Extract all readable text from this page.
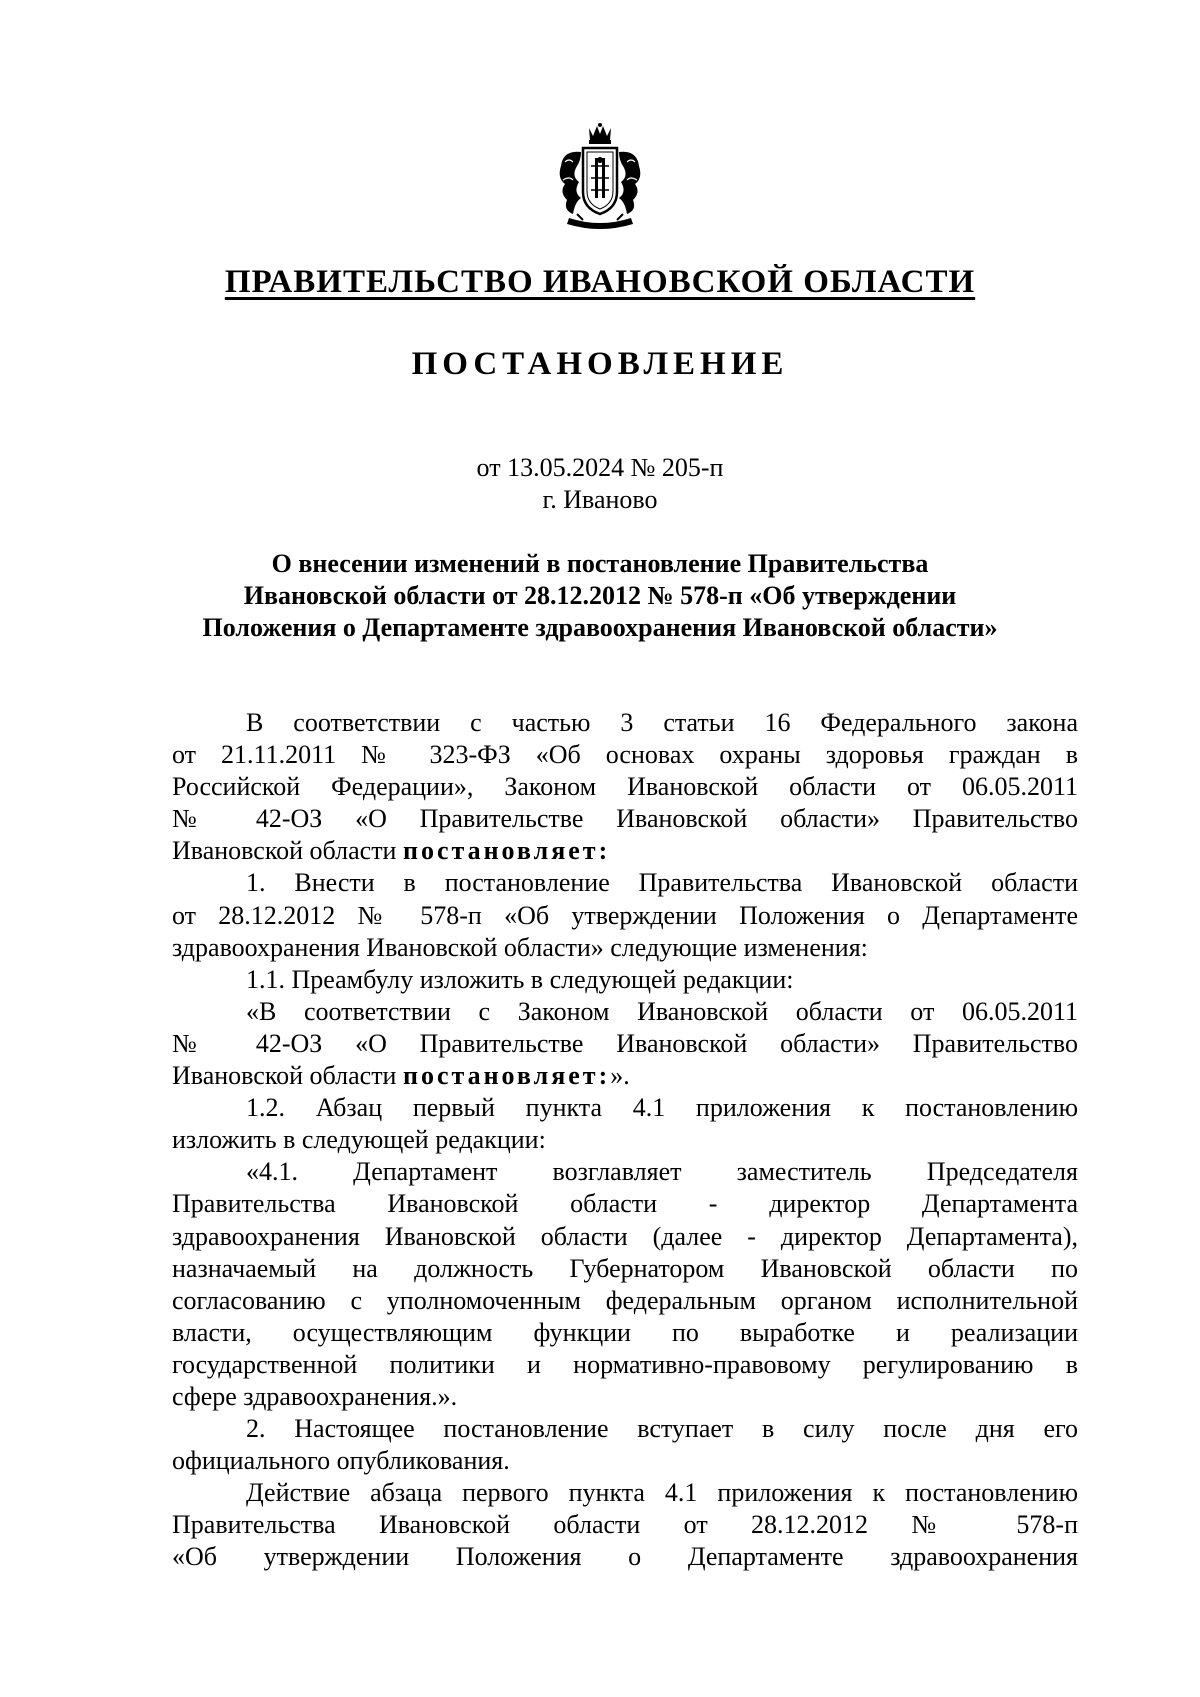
ПРАВИТЕЛЬСТВО ИВАНОВСКОЙ ОБЛАСТИ
ПОСТАНОВЛЕНИЕ
от 13.05.2024 № 205-п
г. Иваново
О внесении изменений в постановление Правительства
Ивановской области от 28.12.2012 № 578-п «Об утверждении
Положения о Департаменте здравоохранения Ивановской области»
В соответствии с частью 3 статьи 16 Федерального закона
от 21.11.2011 № 323-ФЗ «Об основах охраны здоровья граждан в
Российской Федерации», Законом Ивановской области от 06.05.2011
№ 42-ОЗ «О Правительстве Ивановской области» Правительство
Ивановской области постановляет:
1. Внести в постановление Правительства Ивановской области
от 28.12.2012 № 578-п «Об утверждении Положения о Департаменте
здравоохранения Ивановской области» следующие изменения:
1.1. Преамбулу изложить в следующей редакции:
«В соответствии с Законом Ивановской области от 06.05.2011
№ 42-ОЗ «О Правительстве Ивановской области» Правительство
Ивановской области постановляет:».
1.2. Абзац первый пункта 4.1 приложения к постановлению
изложить в следующей редакции:
«4.1. Департамент возглавляет заместитель Председателя
Правительства Ивановской области - директор Департамента
здравоохранения Ивановской области (далее - директор Департамента),
назначаемый на должность Губернатором Ивановской области по
согласованию с уполномоченным федеральным органом исполнительной
власти, осуществляющим функции по выработке и реализации
государственной политики и нормативно-правовому регулированию в
сфере здравоохранения.».
2. Настоящее постановление вступает в силу после дня его
официального опубликования.
Действие абзаца первого пункта 4.1 приложения к постановлению
Правительства Ивановской области от 28.12.2012 № 578-п
«Об утверждении Положения о Департаменте здравоохранения
